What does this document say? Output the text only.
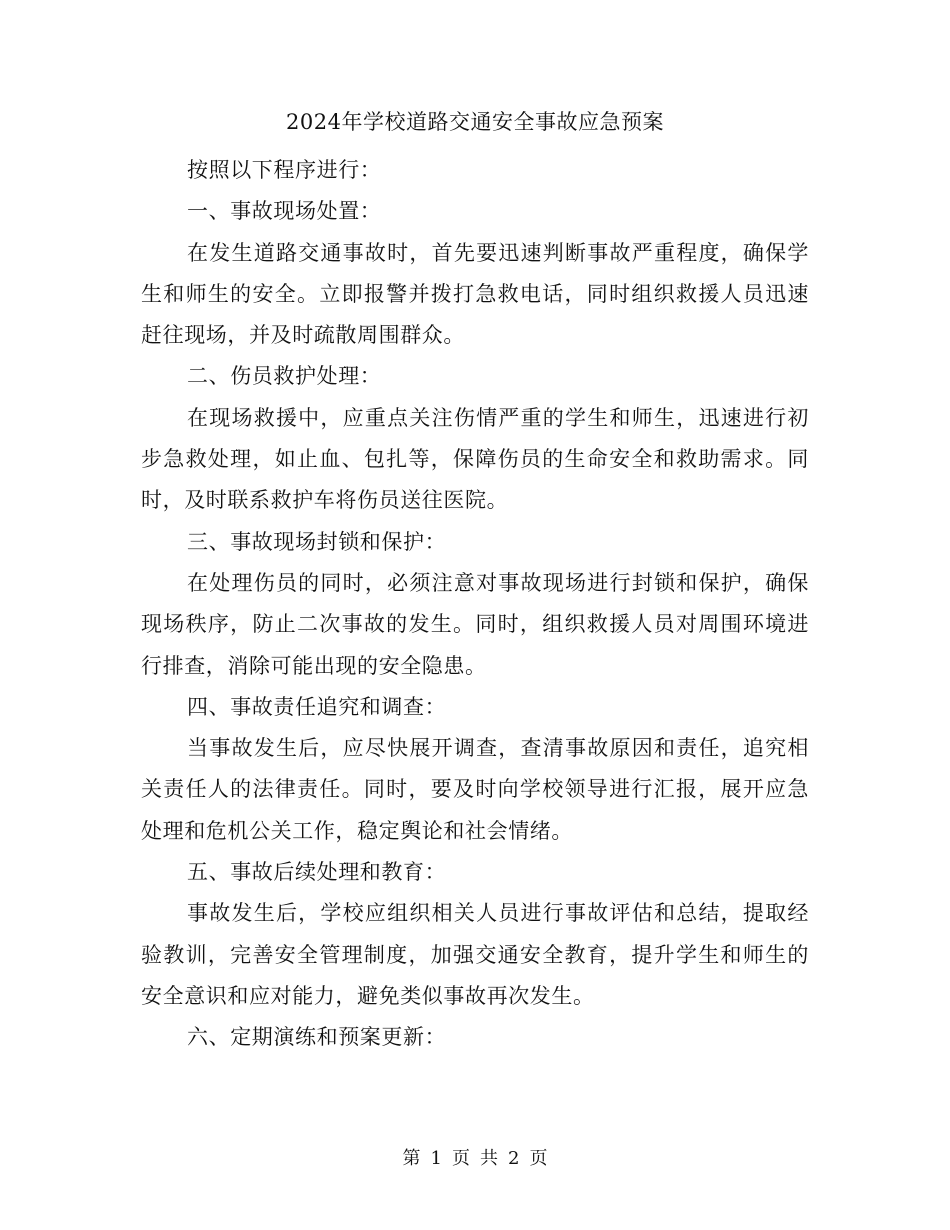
2024年学校道路交通安全事故应急预案

按照以下程序进行：

一、事故现场处置：

在发生道路交通事故时，首先要迅速判断事故严重程度，确保学生和师生的安全。立即报警并拨打急救电话，同时组织救援人员迅速赶往现场，并及时疏散周围群众。

二、伤员救护处理：

在现场救援中，应重点关注伤情严重的学生和师生，迅速进行初步急救处理，如止血、包扎等，保障伤员的生命安全和救助需求。同时，及时联系救护车将伤员送往医院。

三、事故现场封锁和保护：

在处理伤员的同时，必须注意对事故现场进行封锁和保护，确保现场秩序，防止二次事故的发生。同时，组织救援人员对周围环境进行排查，消除可能出现的安全隐患。

四、事故责任追究和调查：

当事故发生后，应尽快展开调查，查清事故原因和责任，追究相关责任人的法律责任。同时，要及时向学校领导进行汇报，展开应急处理和危机公关工作，稳定舆论和社会情绪。

五、事故后续处理和教育：

事故发生后，学校应组织相关人员进行事故评估和总结，提取经验教训，完善安全管理制度，加强交通安全教育，提升学生和师生的安全意识和应对能力，避免类似事故再次发生。

六、定期演练和预案更新：

第 1 页 共 2 页
